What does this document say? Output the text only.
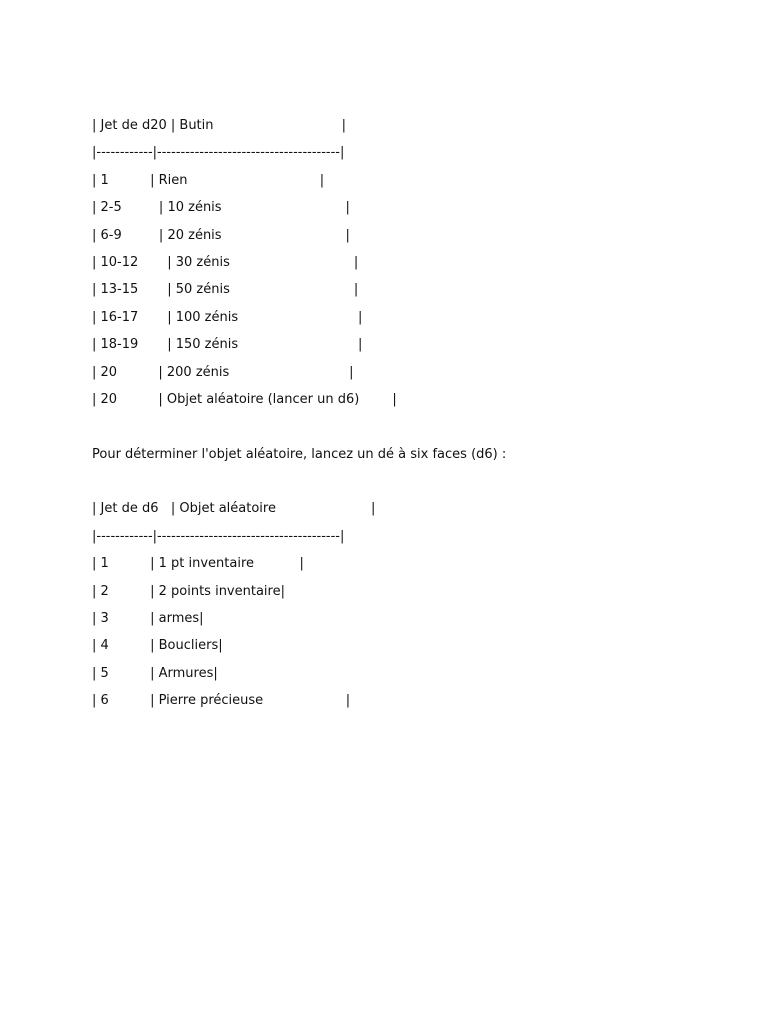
| Jet de d20 | Butin                               |
|------------|---------------------------------------|
| 1          | Rien                                |
| 2-5         | 10 zénis                              |
| 6-9         | 20 zénis                              |
| 10-12       | 30 zénis                              |
| 13-15       | 50 zénis                              |
| 16-17       | 100 zénis                             |
| 18-19       | 150 zénis                             |
| 20          | 200 zénis                             |
| 20          | Objet aléatoire (lancer un d6)        |
Pour déterminer l'objet aléatoire, lancez un dé à six faces (d6) :
| Jet de d6   | Objet aléatoire                       |
|------------|---------------------------------------|
| 1          | 1 pt inventaire           |
| 2          | 2 points inventaire|
| 3          | armes|
| 4          | Boucliers|
| 5          | Armures|
| 6          | Pierre précieuse                    |
